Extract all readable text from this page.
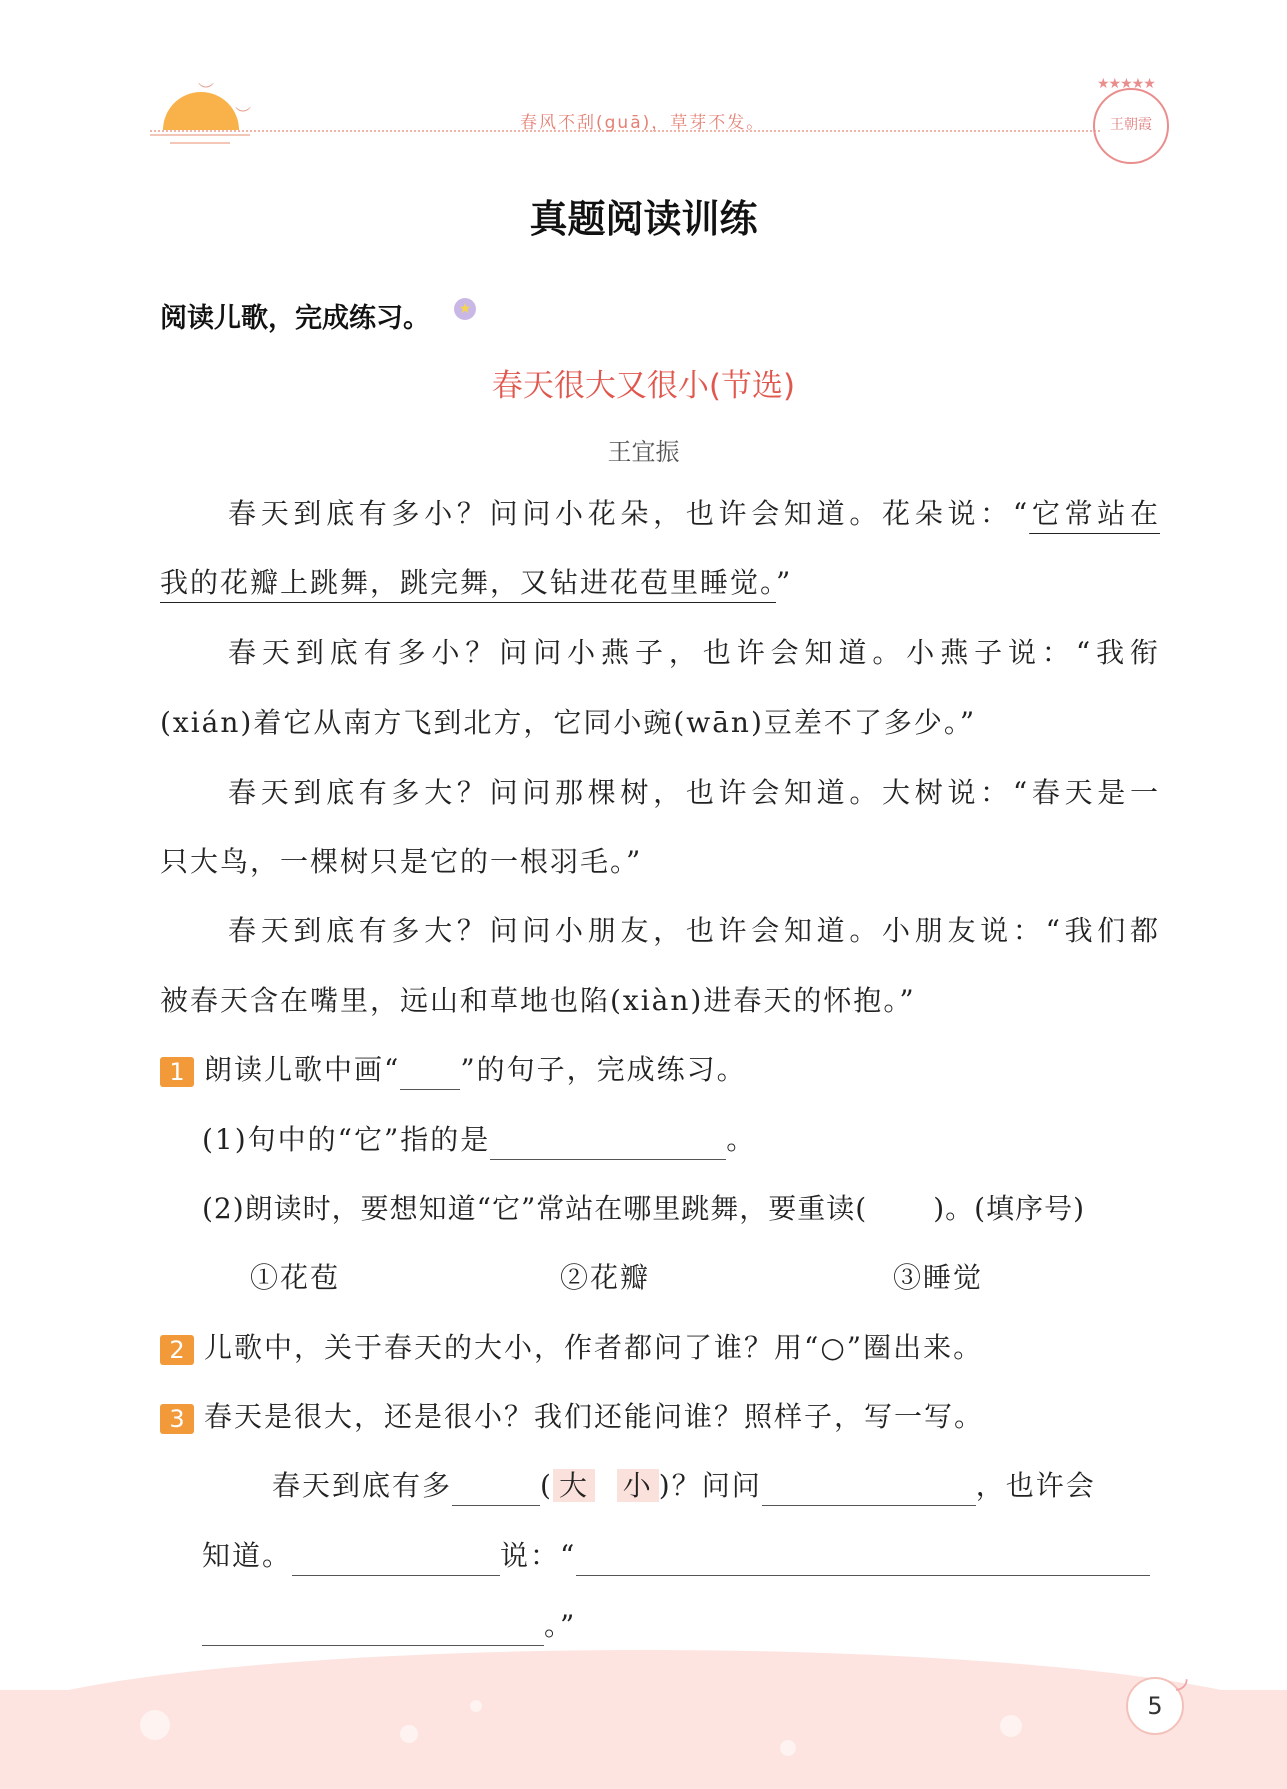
︶
︶	春风不刮(guā)，草芽不发。
★★★★★
王朝霞
真题阅读训练
阅读儿歌，完成练习。	★
春天很大又很小(节选)
王宜振
春天到底有多小？问问小花朵，也许会知道。花朵说：“它常站在
我的花瓣上跳舞，跳完舞，又钻进花苞里睡觉。”
春天到底有多小？问问小燕子，也许会知道。小燕子说：“我衔
(xián)着它从南方飞到北方，它同小豌(wān)豆差不了多少。”
春天到底有多大？问问那棵树，也许会知道。大树说：“春天是一
只大鸟，一棵树只是它的一根羽毛。”
春天到底有多大？问问小朋友，也许会知道。小朋友说：“我们都
被春天含在嘴里，远山和草地也陷(xiàn)进春天的怀抱。”
1 朗读儿歌中画“ ”的句子，完成练习。
(1)句中的“它”指的是	。
(2)朗读时，要想知道“它”常站在哪里跳舞，要重读( )。(填序号)
①花苞	②花瓣	③睡觉
2 儿歌中，关于春天的大小，作者都问了谁？用“○”圈出来。
3 春天是很大，还是很小？我们还能问谁？照样子，写一写。
春天到底有多	( 大 小 )？问问	，也许会
知道。	说：“
。”
5
◞
